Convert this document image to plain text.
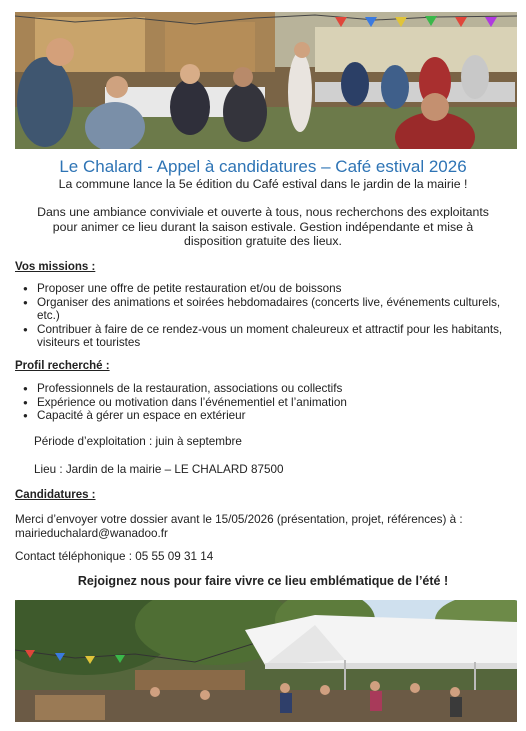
Le Chalard - Appel à candidatures – Café estival 2026
La commune lance la 5e édition du Café estival dans le jardin de la mairie !
Dans une ambiance conviviale et ouverte à tous, nous recherchons des exploitants pour animer ce lieu durant la saison estivale. Gestion indépendante et mise à disposition gratuite des lieux.
Vos missions :
● Proposer une offre de petite restauration et/ou de boissons
● Organiser des animations et soirées hebdomadaires (concerts live, événements culturels, etc.)
● Contribuer à faire de ce rendez-vous un moment chaleureux et attractif pour les habitants, visiteurs et touristes
Profil recherché :
● Professionnels de la restauration, associations ou collectifs
● Expérience ou motivation dans l’événementiel et l’animation
● Capacité à gérer un espace en extérieur
Période d’exploitation : juin à septembre
Lieu : Jardin de la mairie – LE CHALARD 87500
Candidatures :
Merci d’envoyer votre dossier avant le 15/05/2026 (présentation, projet, références) à :
mairieduchalard@wanadoo.fr
Contact téléphonique : 05 55 09 31 14
Rejoignez nous pour faire vivre ce lieu emblématique de l’été !
